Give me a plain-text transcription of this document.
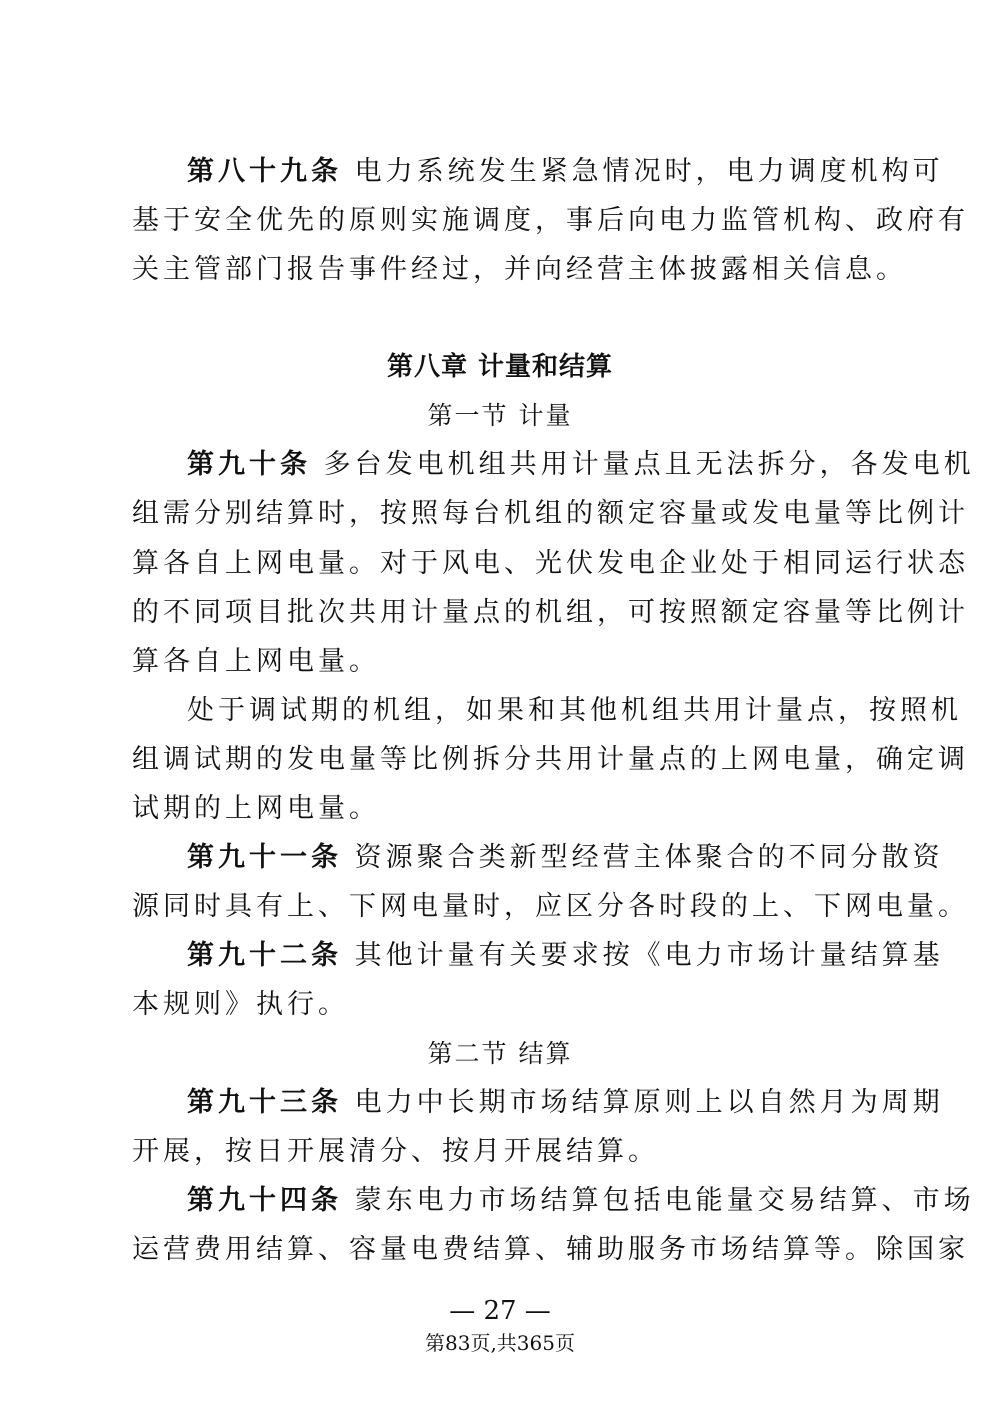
第八十九条 电力系统发生紧急情况时，电力调度机构可
基于安全优先的原则实施调度，事后向电力监管机构、政府有
关主管部门报告事件经过，并向经营主体披露相关信息。
第八章 计量和结算
第一节 计量
第九十条 多台发电机组共用计量点且无法拆分，各发电机
组需分别结算时，按照每台机组的额定容量或发电量等比例计
算各自上网电量。对于风电、光伏发电企业处于相同运行状态
的不同项目批次共用计量点的机组，可按照额定容量等比例计
算各自上网电量。
处于调试期的机组，如果和其他机组共用计量点，按照机
组调试期的发电量等比例拆分共用计量点的上网电量，确定调
试期的上网电量。
第九十一条 资源聚合类新型经营主体聚合的不同分散资
源同时具有上、下网电量时，应区分各时段的上、下网电量。
第九十二条 其他计量有关要求按《电力市场计量结算基
本规则》执行。
第二节 结算
第九十三条 电力中长期市场结算原则上以自然月为周期
开展，按日开展清分、按月开展结算。
第九十四条 蒙东电力市场结算包括电能量交易结算、市场
运营费用结算、容量电费结算、辅助服务市场结算等。除国家
— 27 —
第83页,共365页
